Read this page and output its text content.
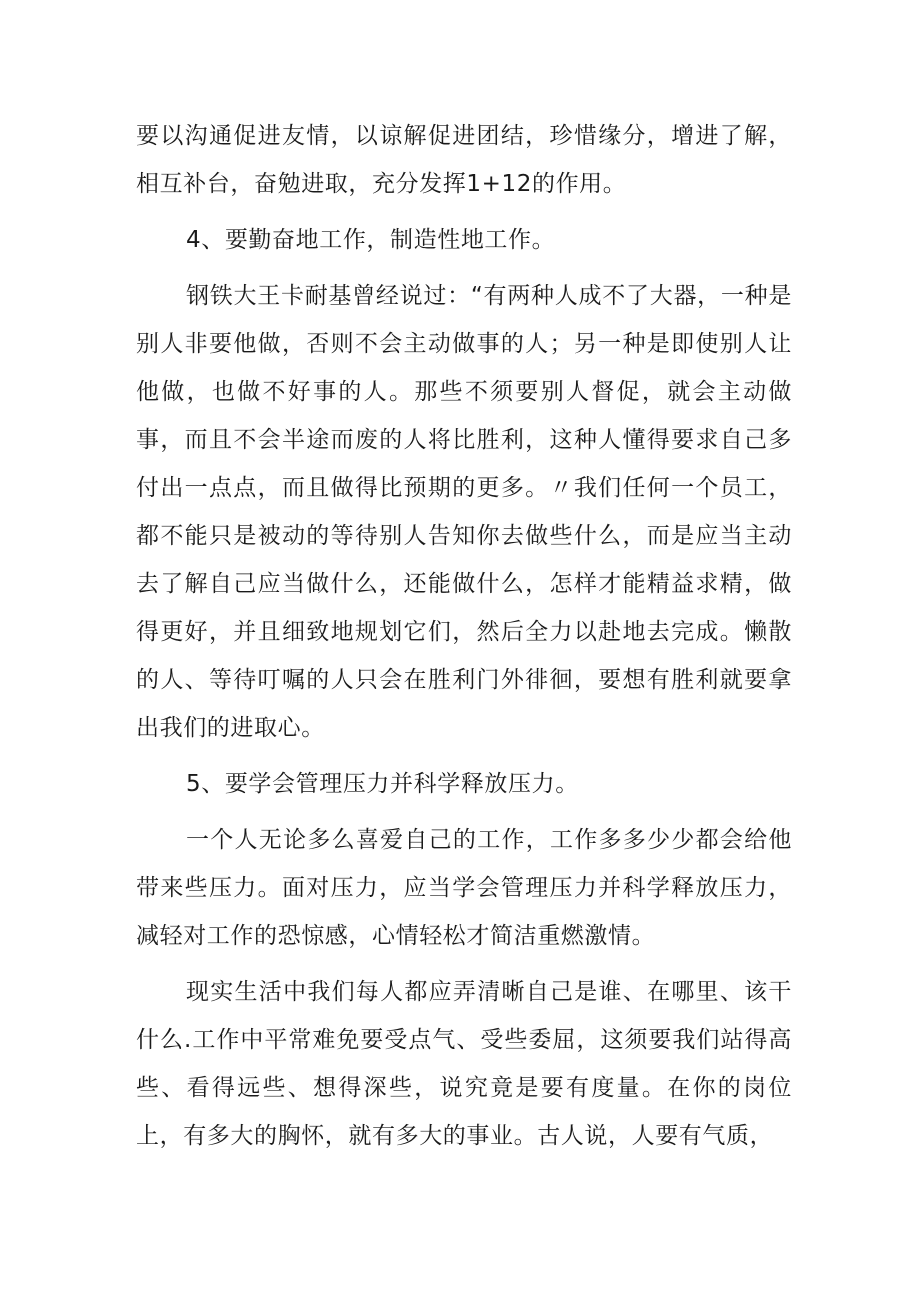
要以沟通促进友情，以谅解促进团结，珍惜缘分，增进了解，相互补台，奋勉进取，充分发挥1+12的作用。

4、要勤奋地工作，制造性地工作。

钢铁大王卡耐基曾经说过：“有两种人成不了大器，一种是别人非要他做，否则不会主动做事的人；另一种是即使别人让他做，也做不好事的人。那些不须要别人督促，就会主动做事，而且不会半途而废的人将比胜利，这种人懂得要求自己多付出一点点，而且做得比预期的更多。〃我们任何一个员工，都不能只是被动的等待别人告知你去做些什么，而是应当主动去了解自己应当做什么，还能做什么，怎样才能精益求精，做得更好，并且细致地规划它们，然后全力以赴地去完成。懒散的人、等待叮嘱的人只会在胜利门外徘徊，要想有胜利就要拿出我们的进取心。

5、要学会管理压力并科学释放压力。

一个人无论多么喜爱自己的工作，工作多多少少都会给他带来些压力。面对压力，应当学会管理压力并科学释放压力，减轻对工作的恐惊感，心情轻松才简洁重燃激情。

现实生活中我们每人都应弄清晰自己是谁、在哪里、该干什么.工作中平常难免要受点气、受些委屈，这须要我们站得高些、看得远些、想得深些，说究竟是要有度量。在你的岗位上，有多大的胸怀，就有多大的事业。古人说，人要有气质，
